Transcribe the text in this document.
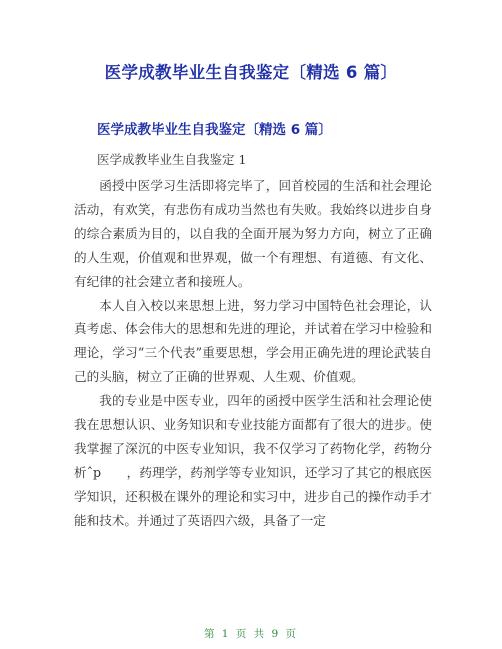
医学成教毕业生自我鉴定〔精选 6 篇〕
医学成教毕业生自我鉴定〔精选 6 篇〕
医学成教毕业生自我鉴定 1

函授中医学习生活即将完毕了，回首校园的生活和社会理论活动，有欢笑，有悲伤有成功当然也有失败。我始终以进步自身的综合素质为目的，以自我的全面开展为努力方向，树立了正确的人生观，价值观和世界观，做一个有理想、有道德、有文化、有纪律的社会建立者和接班人。

本人自入校以来思想上进，努力学习中国特色社会理论，认真考虑、体会伟大的思想和先进的理论，并试着在学习中检验和理论，学习“三个代表”重要思想，学会用正确先进的理论武装自己的头脑，树立了正确的世界观、人生观、价值观。

我的专业是中医专业，四年的函授中医学生活和社会理论使我在思想认识、业务知识和专业技能方面都有了很大的进步。使我掌握了深沉的中医专业知识，我不仅学习了药物化学，药物分析ˆp　　，药理学，药剂学等专业知识，还学习了其它的根底医学知识，还积极在课外的理论和实习中，进步自己的操作动手才能和技术。并通过了英语四六级，具备了一定

第 1 页 共 9 页
